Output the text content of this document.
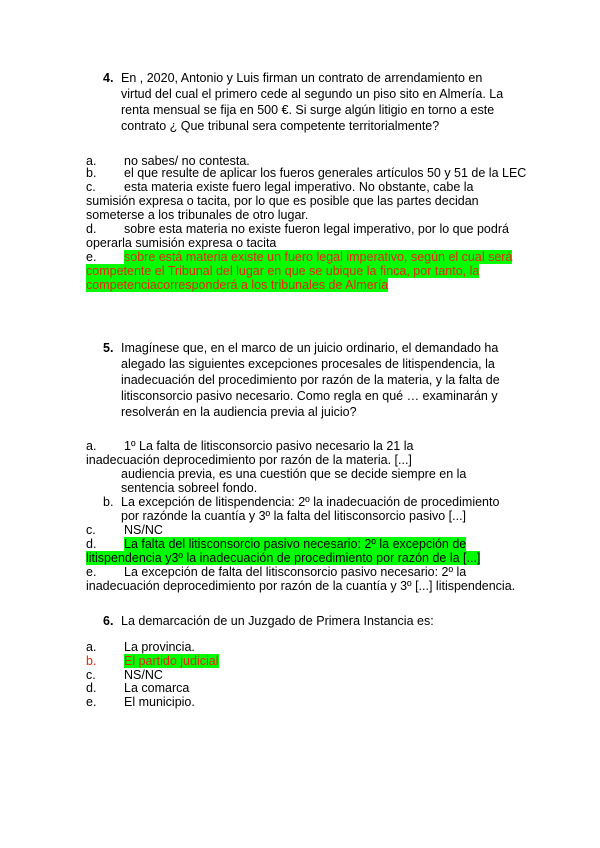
4. En , 2020, Antonio y Luis firman un contrato de arrendamiento en
virtud del cual el primero cede al segundo un piso sito en Almería. La
renta mensual se fija en 500 €. Si surge algún litigio en torno a este
contrato ¿ Que tribunal sera competente territorialmente?
a. no sabes/ no contesta.
b. el que resulte de aplicar los fueros generales artículos 50 y 51 de la LEC
c. esta materia existe fuero legal imperativo. No obstante, cabe la
sumisión expresa o tacita, por lo que es posible que las partes decidan
someterse a los tribunales de otro lugar.
d. sobre esta materia no existe fueron legal imperativo, por lo que podrá
operarla sumisión expresa o tacita
e. sobre está materia existe un fuero legal imperativo, según el cual será
competente el Tribunal del lugar en que se ubique la finca, por tanto, la
competenciacorresponderá a los tribunales de Almería
5. Imagínese que, en el marco de un juicio ordinario, el demandado ha
alegado las siguientes excepciones procesales de litispendencia, la
inadecuación del procedimiento por razón de la materia, y la falta de
litisconsorcio pasivo necesario. Como regla en qué … examinarán y
resolverán en la audiencia previa al juicio?
a. 1º La falta de litisconsorcio pasivo necesario la 21 la
inadecuación deprocedimiento por razón de la materia. [...]
audiencia previa, es una cuestión que se decide siempre en la
sentencia sobreel fondo.
b. La excepción de litispendencia: 2º la inadecuación de procedimiento
por razónde la cuantía y 3º la falta del litisconsorcio pasivo [...]
c. NS/NC
d. La falta del litisconsorcio pasivo necesario: 2º la excepción de
litispendencia y3º la inadecuación de procedimiento por razón de la [...]
e. La excepción de falta del litisconsorcio pasivo necesario: 2º la
inadecuación deprocedimiento por razón de la cuantía y 3º [...] litispendencia.
6. La demarcación de un Juzgado de Primera Instancia es:
a. La provincia.
b. El partido judicial
c. NS/NC
d. La comarca
e. El municipio.
